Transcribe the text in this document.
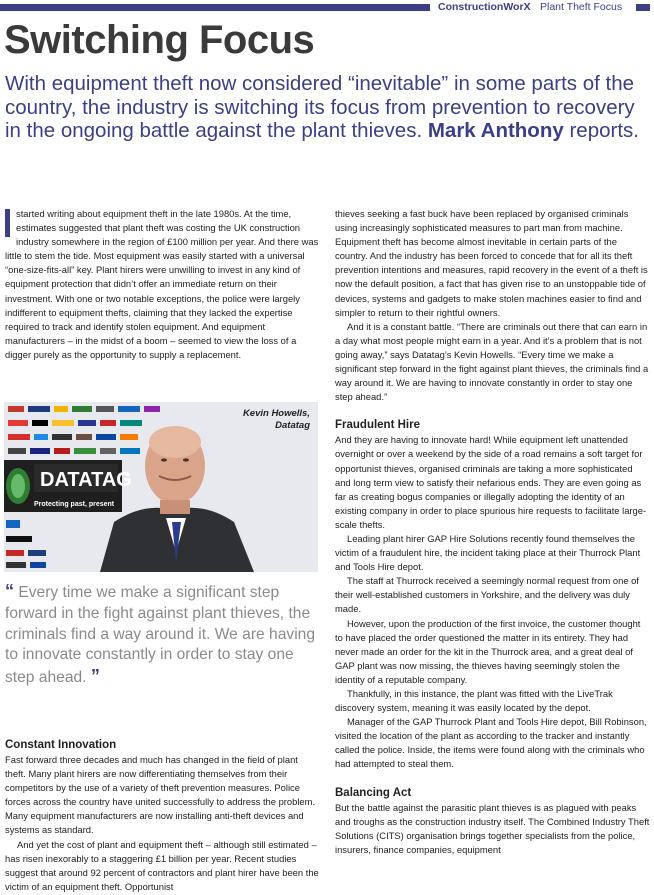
ConstructionWorX Plant Theft Focus
Switching Focus
With equipment theft now considered “inevitable” in some parts of the country, the industry is switching its focus from prevention to recovery in the ongoing battle against the plant thieves. Mark Anthony reports.

started writing about equipment theft in the late 1980s. At the time, estimates suggested that plant theft was costing the UK construction industry somewhere in the region of £100 million per year. And there was little to stem the tide. Most equipment was easily started with a universal “one-size-fits-all” key. Plant hirers were unwilling to invest in any kind of equipment protection that didn’t offer an immediate return on their investment. With one or two notable exceptions, the police were largely indifferent to equipment thefts, claiming that they lacked the expertise required to track and identify stolen equipment. And equipment manufacturers – in the midst of a boom – seemed to view the loss of a digger purely as the opportunity to supply a replacement.

DATATAG
Protecting past, present
Kevin Howells,
Datatag
“ Every time we make a significant step forward in the fight against plant thieves, the criminals find a way around it. We are having to innovate constantly in order to stay one step ahead. ”
Constant Innovation

Fast forward three decades and much has changed in the field of plant theft. Many plant hirers are now differentiating themselves from their competitors by the use of a variety of theft prevention measures. Police forces across the country have united successfully to address the problem. Many equipment manufacturers are now installing anti-theft devices and systems as standard.

And yet the cost of plant and equipment theft – although still estimated – has risen inexorably to a staggering £1 billion per year. Recent studies suggest that around 92 percent of contractors and plant hirer have been the victim of an equipment theft. Opportunist

thieves seeking a fast buck have been replaced by organised criminals using increasingly sophisticated measures to part man from machine. Equipment theft has become almost inevitable in certain parts of the country. And the industry has been forced to concede that for all its theft prevention intentions and measures, rapid recovery in the event of a theft is now the default position, a fact that has given rise to an unstoppable tide of devices, systems and gadgets to make stolen machines easier to find and simpler to return to their rightful owners.

And it is a constant battle. “There are criminals out there that can earn in a day what most people might earn in a year. And it’s a problem that is not going away,” says Datatag’s Kevin Howells. “Every time we make a significant step forward in the fight against plant thieves, the criminals find a way around it. We are having to innovate constantly in order to stay one step ahead.”

Fraudulent Hire

And they are having to innovate hard! While equipment left unattended overnight or over a weekend by the side of a road remains a soft target for opportunist thieves, organised criminals are taking a more sophisticated and long term view to satisfy their nefarious ends. They are even going as far as creating bogus companies or illegally adopting the identity of an existing company in order to place spurious hire requests to facilitate large-scale thefts.

Leading plant hirer GAP Hire Solutions recently found themselves the victim of a fraudulent hire, the incident taking place at their Thurrock Plant and Tools Hire depot.

The staff at Thurrock received a seemingly normal request from one of their well-established customers in Yorkshire, and the delivery was duly made.

However, upon the production of the first invoice, the customer thought to have placed the order questioned the matter in its entirety. They had never made an order for the kit in the Thurrock area, and a great deal of GAP plant was now missing, the thieves having seemingly stolen the identity of a reputable company.

Thankfully, in this instance, the plant was fitted with the LiveTrak discovery system, meaning it was easily located by the depot.

Manager of the GAP Thurrock Plant and Tools Hire depot, Bill Robinson, visited the location of the plant as according to the tracker and instantly called the police. Inside, the items were found along with the criminals who had attempted to steal them.

Balancing Act

But the battle against the parasitic plant thieves is as plagued with peaks and troughs as the construction industry itself. The Combined Industry Theft Solutions (CITS) organisation brings together specialists from the police, insurers, finance companies, equipment
